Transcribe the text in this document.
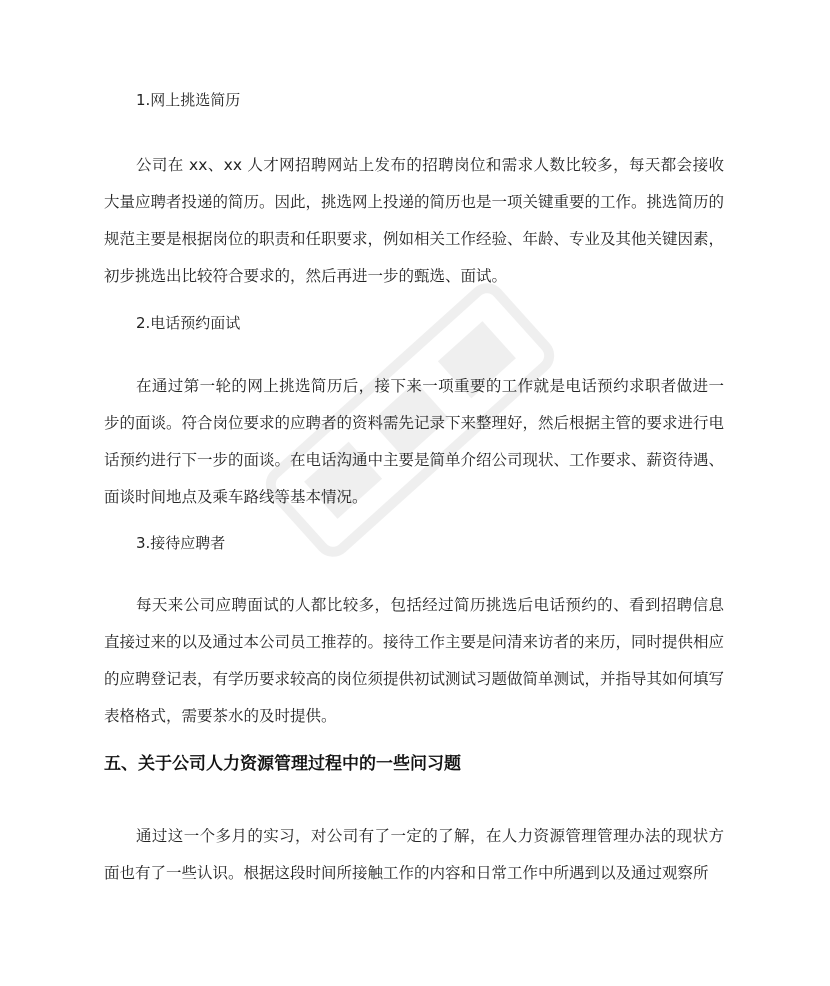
1.网上挑选简历

公司在 xx、xx 人才网招聘网站上发布的招聘岗位和需求人数比较多，每天都会接收大量应聘者投递的简历。因此，挑选网上投递的简历也是一项关键重要的工作。挑选简历的规范主要是根据岗位的职责和任职要求，例如相关工作经验、年龄、专业及其他关键因素，初步挑选出比较符合要求的，然后再进一步的甄选、面试。

2.电话预约面试

在通过第一轮的网上挑选简历后，接下来一项重要的工作就是电话预约求职者做进一步的面谈。符合岗位要求的应聘者的资料需先记录下来整理好，然后根据主管的要求进行电话预约进行下一步的面谈。在电话沟通中主要是简单介绍公司现状、工作要求、薪资待遇、面谈时间地点及乘车路线等基本情况。

3.接待应聘者

每天来公司应聘面试的人都比较多，包括经过简历挑选后电话预约的、看到招聘信息直接过来的以及通过本公司员工推荐的。接待工作主要是问清来访者的来历，同时提供相应的应聘登记表，有学历要求较高的岗位须提供初试测试习题做简单测试，并指导其如何填写表格格式，需要茶水的及时提供。

五、关于公司人力资源管理过程中的一些问习题

通过这一个多月的实习，对公司有了一定的了解，在人力资源管理管理办法的现状方面也有了一些认识。根据这段时间所接触工作的内容和日常工作中所遇到以及通过观察所
